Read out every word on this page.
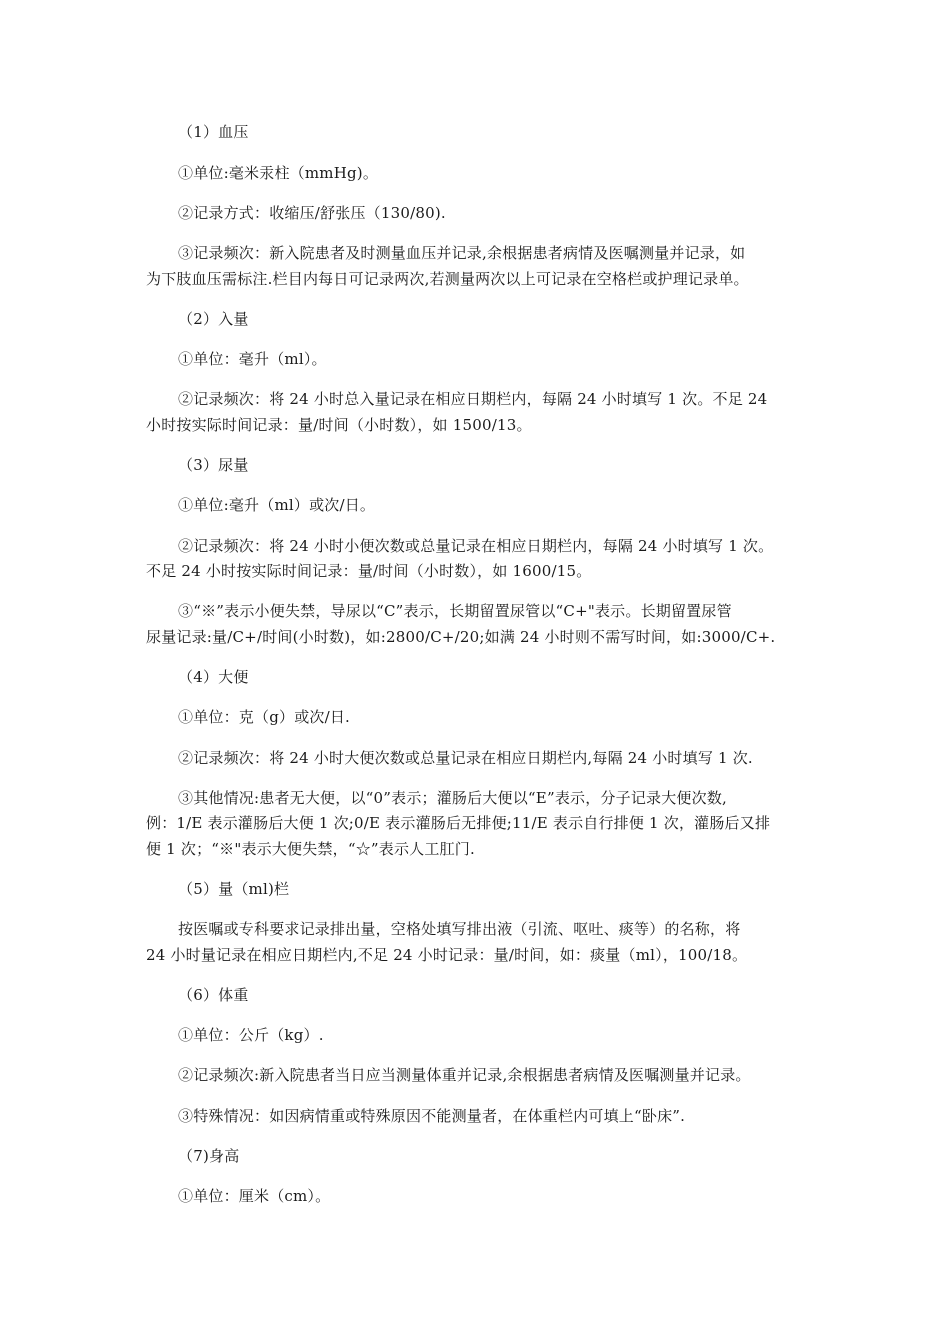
（1）血压
①单位:毫米汞柱（mmHg)。
②记录方式：收缩压/舒张压（130/80).
③记录频次：新入院患者及时测量血压并记录,余根据患者病情及医嘱测量并记录，如
为下肢血压需标注.栏目内每日可记录两次,若测量两次以上可记录在空格栏或护理记录单。
（2）入量
①单位：毫升（ml）。
②记录频次：将 24 小时总入量记录在相应日期栏内，每隔 24 小时填写 1 次。不足 24
小时按实际时间记录：量/时间（小时数），如 1500/13。
（3）尿量
①单位:毫升（ml）或次/日。
②记录频次：将 24 小时小便次数或总量记录在相应日期栏内，每隔 24 小时填写 1 次。
不足 24 小时按实际时间记录：量/时间（小时数），如 1600/15。
③“※”表示小便失禁，导尿以“C”表示，长期留置尿管以“C+"表示。长期留置尿管
尿量记录:量/C+/时间(小时数)，如:2800/C+/20;如满 24 小时则不需写时间，如:3000/C+.
（4）大便
①单位：克（g）或次/日.
②记录频次：将 24 小时大便次数或总量记录在相应日期栏内,每隔 24 小时填写 1 次.
③其他情况:患者无大便，以“0”表示；灌肠后大便以“E”表示，分子记录大便次数,
例：1/E 表示灌肠后大便 1 次;0/E 表示灌肠后无排便;11/E 表示自行排便 1 次，灌肠后又排
便 1 次；“※"表示大便失禁，“☆”表示人工肛门.
（5）量（ml)栏
按医嘱或专科要求记录排出量，空格处填写排出液（引流、呕吐、痰等）的名称，将
24 小时量记录在相应日期栏内,不足 24 小时记录：量/时间，如：痰量（ml），100/18。
（6）体重
①单位：公斤（kg）.
②记录频次:新入院患者当日应当测量体重并记录,余根据患者病情及医嘱测量并记录。
③特殊情况：如因病情重或特殊原因不能测量者，在体重栏内可填上“卧床”.
（7)身高
①单位：厘米（cm）。
